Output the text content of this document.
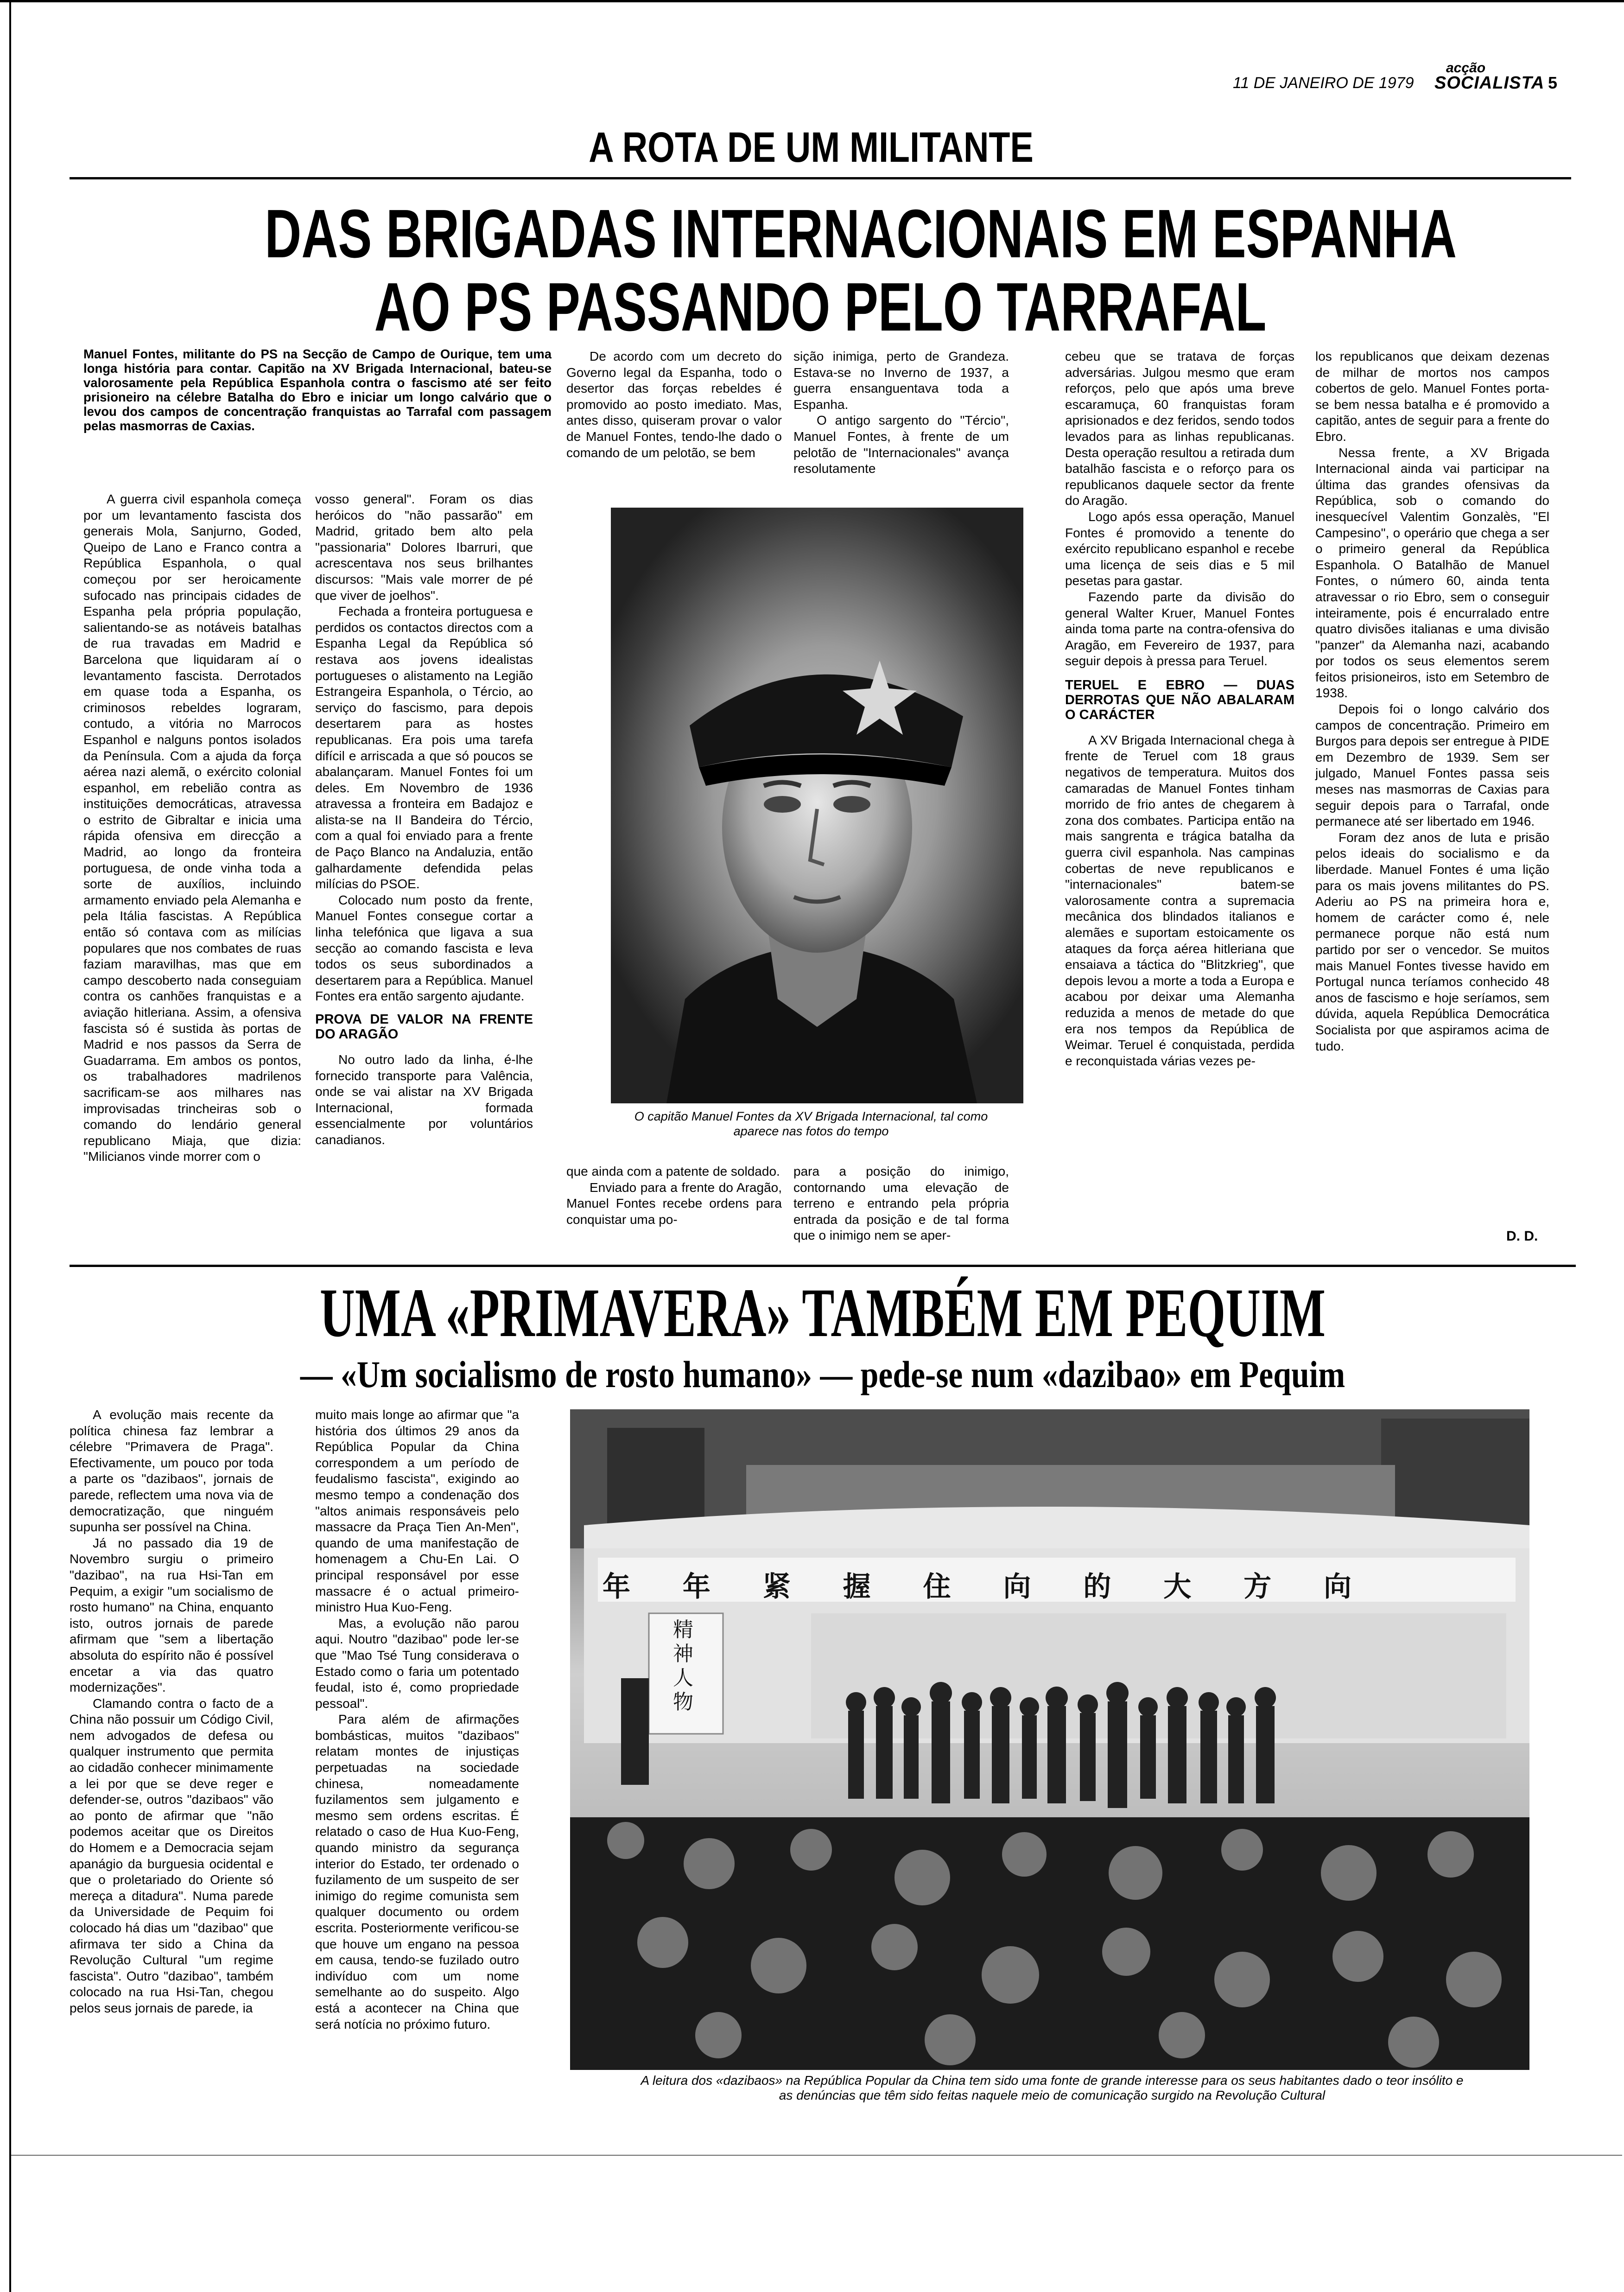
11 DE JANEIRO DE 1979
acção
SOCIALISTA 5
A ROTA DE UM MILITANTE
DAS BRIGADAS INTERNACIONAIS EM ESPANHA
AO PS PASSANDO PELO TARRAFAL

Manuel Fontes, militante do PS na Secção de Campo de Ourique, tem uma longa história para contar. Capitão na XV Brigada Internacional, bateu-se valorosamente pela República Espanhola contra o fascismo até ser feito prisioneiro na célebre Batalha do Ebro e iniciar um longo calvário que o levou dos campos de concentração franquistas ao Tarrafal com passagem pelas masmorras de Caxias.

A guerra civil espanhola começa por um levantamento fascista dos generais Mola, Sanjurno, Goded, Queipo de Lano e Franco contra a República Espanhola, o qual começou por ser heroicamente sufocado nas principais cidades de Espanha pela própria população, salientando-se as notáveis batalhas de rua travadas em Madrid e Barcelona que liquidaram aí o levantamento fascista. Derrotados em quase toda a Espanha, os criminosos rebeldes lograram, contudo, a vitória no Marrocos Espanhol e nalguns pontos isolados da Península. Com a ajuda da força aérea nazi alemã, o exército colonial espanhol, em rebelião contra as instituições democráticas, atravessa o estrito de Gibraltar e inicia uma rápida ofensiva em direcção a Madrid, ao longo da fronteira portuguesa, de onde vinha toda a sorte de auxílios, incluindo armamento enviado pela Alemanha e pela Itália fascistas. A República então só contava com as milícias populares que nos combates de ruas faziam maravilhas, mas que em campo descoberto nada conseguiam contra os canhões franquistas e a aviação hitleriana. Assim, a ofensiva fascista só é sustida às portas de Madrid e nos passos da Serra de Guadarrama. Em ambos os pontos, os trabalhadores madrilenos sacrificam-se aos milhares nas improvisadas trincheiras sob o comando do lendário general republicano Miaja, que dizia: "Milicianos vinde morrer com o

vosso general". Foram os dias heróicos do "não passarão" em Madrid, gritado bem alto pela "passionaria" Dolores Ibarruri, que acrescentava nos seus brilhantes discursos: "Mais vale morrer de pé que viver de joelhos".

Fechada a fronteira portuguesa e perdidos os contactos directos com a Espanha Legal da República só restava aos jovens idealistas portugueses o alistamento na Legião Estrangeira Espanhola, o Tércio, ao serviço do fascismo, para depois desertarem para as hostes republicanas. Era pois uma tarefa difícil e arriscada a que só poucos se abalançaram. Manuel Fontes foi um deles. Em Novembro de 1936 atravessa a fronteira em Badajoz e alista-se na II Bandeira do Tércio, com a qual foi enviado para a frente de Paço Blanco na Andaluzia, então galhardamente defendida pelas milícias do PSOE.

Colocado num posto da frente, Manuel Fontes consegue cortar a linha telefónica que ligava a sua secção ao comando fascista e leva todos os seus subordinados a desertarem para a República. Manuel Fontes era então sargento ajudante.

PROVA DE VALOR NA FRENTE DO ARAGÃO

No outro lado da linha, é-lhe fornecido transporte para Valência, onde se vai alistar na XV Brigada Internacional, formada essencialmente por voluntários canadianos.

De acordo com um decreto do Governo legal da Espanha, todo o desertor das forças rebeldes é promovido ao posto imediato. Mas, antes disso, quiseram provar o valor de Manuel Fontes, tendo-lhe dado o comando de um pelotão, se bem

sição inimiga, perto de Grandeza. Estava-se no Inverno de 1937, a guerra ensanguentava toda a Espanha.

O antigo sargento do "Tércio", Manuel Fontes, à frente de um pelotão de "Internacionales" avança resolutamente

O capitão Manuel Fontes da XV Brigada Internacional, tal como
aparece nas fotos do tempo

que ainda com a patente de soldado.

Enviado para a frente do Aragão, Manuel Fontes recebe ordens para conquistar uma po-

para a posição do inimigo, contornando uma elevação de terreno e entrando pela própria entrada da posição e de tal forma que o inimigo nem se aper-

cebeu que se tratava de forças adversárias. Julgou mesmo que eram reforços, pelo que após uma breve escaramuça, 60 franquistas foram aprisionados e dez feridos, sendo todos levados para as linhas republicanas. Desta operação resultou a retirada dum batalhão fascista e o reforço para os republicanos daquele sector da frente do Aragão.

Logo após essa operação, Manuel Fontes é promovido a tenente do exército republicano espanhol e recebe uma licença de seis dias e 5 mil pesetas para gastar.

Fazendo parte da divisão do general Walter Kruer, Manuel Fontes ainda toma parte na contra-ofensiva do Aragão, em Fevereiro de 1937, para seguir depois à pressa para Teruel.

TERUEL E EBRO — DUAS DERROTAS QUE NÃO ABALARAM O CARÁCTER

A XV Brigada Internacional chega à frente de Teruel com 18 graus negativos de temperatura. Muitos dos camaradas de Manuel Fontes tinham morrido de frio antes de chegarem à zona dos combates. Participa então na mais sangrenta e trágica batalha da guerra civil espanhola. Nas campinas cobertas de neve republicanos e "internacionales" batem-se valorosamente contra a supremacia mecânica dos blindados italianos e alemães e suportam estoicamente os ataques da força aérea hitleriana que ensaiava a táctica do "Blitzkrieg", que depois levou a morte a toda a Europa e acabou por deixar uma Alemanha reduzida a menos de metade do que era nos tempos da República de Weimar. Teruel é conquistada, perdida e reconquistada várias vezes pe-

los republicanos que deixam dezenas de milhar de mortos nos campos cobertos de gelo. Manuel Fontes porta-se bem nessa batalha e é promovido a capitão, antes de seguir para a frente do Ebro.

Nessa frente, a XV Brigada Internacional ainda vai participar na última das grandes ofensivas da República, sob o comando do inesquecível Valentim Gonzalès, "El Campesino", o operário que chega a ser o primeiro general da República Espanhola. O Batalhão de Manuel Fontes, o número 60, ainda tenta atravessar o rio Ebro, sem o conseguir inteiramente, pois é encurralado entre quatro divisões italianas e uma divisão "panzer" da Alemanha nazi, acabando por todos os seus elementos serem feitos prisioneiros, isto em Setembro de 1938.

Depois foi o longo calvário dos campos de concentração. Primeiro em Burgos para depois ser entregue à PIDE em Dezembro de 1939. Sem ser julgado, Manuel Fontes passa seis meses nas masmorras de Caxias para seguir depois para o Tarrafal, onde permanece até ser libertado em 1946.

Foram dez anos de luta e prisão pelos ideais do socialismo e da liberdade. Manuel Fontes é uma lição para os mais jovens militantes do PS. Aderiu ao PS na primeira hora e, homem de carácter como é, nele permanece porque não está num partido por ser o vencedor. Se muitos mais Manuel Fontes tivesse havido em Portugal nunca teríamos conhecido 48 anos de fascismo e hoje seríamos, sem dúvida, aquela República Democrática Socialista por que aspiramos acima de tudo.

D. D.
UMA «PRIMAVERA» TAMBÉM EM PEQUIM
— «Um socialismo de rosto humano» — pede-se num «dazibao» em Pequim

A evolução mais recente da política chinesa faz lembrar a célebre "Primavera de Praga". Efectivamente, um pouco por toda a parte os "dazibaos", jornais de parede, reflectem uma nova via de democratização, que ninguém supunha ser possível na China.

Já no passado dia 19 de Novembro surgiu o primeiro "dazibao", na rua Hsi-Tan em Pequim, a exigir "um socialismo de rosto humano" na China, enquanto isto, outros jornais de parede afirmam que "sem a libertação absoluta do espírito não é possível encetar a via das quatro modernizações".

Clamando contra o facto de a China não possuir um Código Civil, nem advogados de defesa ou qualquer instrumento que permita ao cidadão conhecer minimamente a lei por que se deve reger e defender-se, outros "dazibaos" vão ao ponto de afirmar que "não podemos aceitar que os Direitos do Homem e a Democracia sejam apanágio da burguesia ocidental e que o proletariado do Oriente só mereça a ditadura". Numa parede da Universidade de Pequim foi colocado há dias um "dazibao" que afirmava ter sido a China da Revolução Cultural "um regime fascista". Outro "dazibao", também colocado na rua Hsi-Tan, chegou pelos seus jornais de parede, ia

muito mais longe ao afirmar que "a história dos últimos 29 anos da República Popular da China correspondem a um período de feudalismo fascista", exigindo ao mesmo tempo a condenação dos "altos animais responsáveis pelo massacre da Praça Tien An-Men", quando de uma manifestação de homenagem a Chu-En Lai. O principal responsável por esse massacre é o actual primeiro-ministro Hua Kuo-Feng.

Mas, a evolução não parou aqui. Noutro "dazibao" pode ler-se que "Mao Tsé Tung considerava o Estado como o faria um potentado feudal, isto é, como propriedade pessoal".

Para além de afirmações bombásticas, muitos "dazibaos" relatam montes de injustiças perpetuadas na sociedade chinesa, nomeadamente fuzilamentos sem julgamento e mesmo sem ordens escritas. É relatado o caso de Hua Kuo-Feng, quando ministro da segurança interior do Estado, ter ordenado o fuzilamento de um suspeito de ser inimigo do regime comunista sem qualquer documento ou ordem escrita. Posteriormente verificou-se que houve um engano na pessoa em causa, tendo-se fuzilado outro indivíduo com um nome semelhante ao do suspeito. Algo está a acontecer na China que será notícia no próximo futuro.

年 年 紧 握 住 向 的 大 方 向
精神人物
A leitura dos «dazibaos» na República Popular da China tem sido uma fonte de grande interesse para os seus habitantes dado o teor insólito e
as denúncias que têm sido feitas naquele meio de comunicação surgido na Revolução Cultural
